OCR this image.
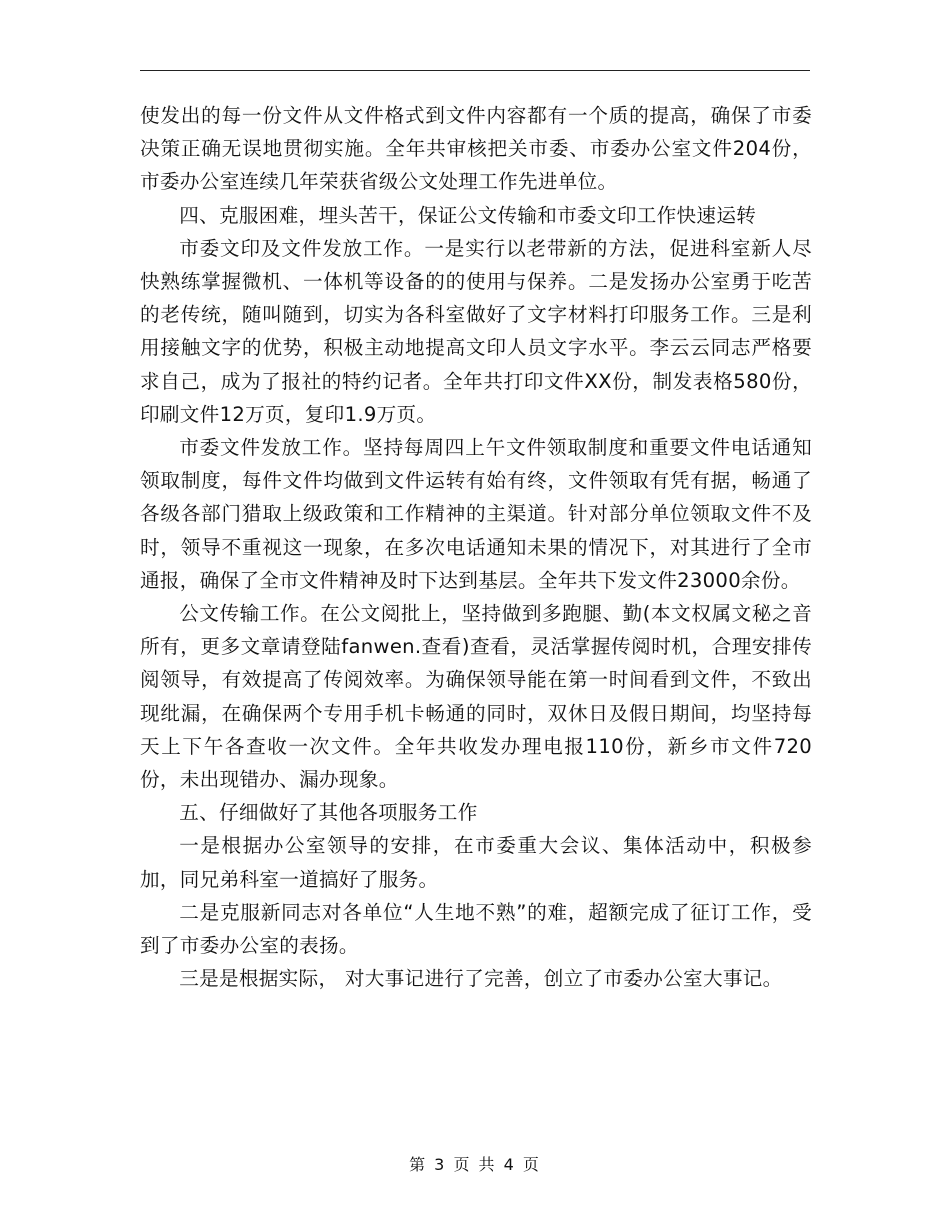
使发出的每一份文件从文件格式到文件内容都有一个质的提高，确保了市委决策正确无误地贯彻实施。全年共审核把关市委、市委办公室文件204份，市委办公室连续几年荣获省级公文处理工作先进单位。

四、克服困难，埋头苦干，保证公文传输和市委文印工作快速运转

市委文印及文件发放工作。一是实行以老带新的方法，促进科室新人尽快熟练掌握微机、一体机等设备的的使用与保养。二是发扬办公室勇于吃苦的老传统，随叫随到，切实为各科室做好了文字材料打印服务工作。三是利用接触文字的优势，积极主动地提高文印人员文字水平。李云云同志严格要求自己，成为了报社的特约记者。全年共打印文件XX份，制发表格580份，印刷文件12万页，复印1.9万页。

市委文件发放工作。坚持每周四上午文件领取制度和重要文件电话通知领取制度，每件文件均做到文件运转有始有终，文件领取有凭有据，畅通了各级各部门猎取上级政策和工作精神的主渠道。针对部分单位领取文件不及时，领导不重视这一现象，在多次电话通知未果的情况下，对其进行了全市通报，确保了全市文件精神及时下达到基层。全年共下发文件23000余份。

公文传输工作。在公文阅批上，坚持做到多跑腿、勤(本文权属文秘之音所有，更多文章请登陆fanwen.查看)查看，灵活掌握传阅时机，合理安排传阅领导，有效提高了传阅效率。为确保领导能在第一时间看到文件，不致出现纰漏，在确保两个专用手机卡畅通的同时，双休日及假日期间，均坚持每天上下午各查收一次文件。全年共收发办理电报110份，新乡市文件720份，未出现错办、漏办现象。

五、仔细做好了其他各项服务工作

一是根据办公室领导的安排，在市委重大会议、集体活动中，积极参加，同兄弟科室一道搞好了服务。

二是克服新同志对各单位“人生地不熟”的难，超额完成了征订工作，受到了市委办公室的表扬。

三是是根据实际， 对大事记进行了完善，创立了市委办公室大事记。

第 3 页 共 4 页
